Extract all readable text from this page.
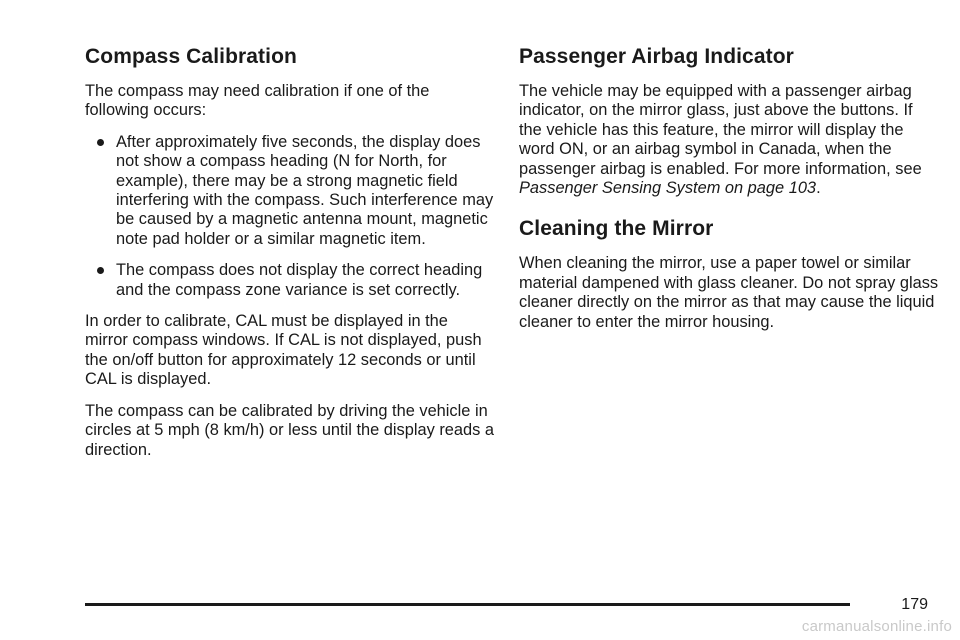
Compass Calibration

The compass may need calibration if one of the following occurs:

After approximately five seconds, the display does not show a compass heading (N for North, for example), there may be a strong magnetic field interfering with the compass. Such interference may be caused by a magnetic antenna mount, magnetic note pad holder or a similar magnetic item.
The compass does not display the correct heading and the compass zone variance is set correctly.

In order to calibrate, CAL must be displayed in the mirror compass windows. If CAL is not displayed, push the on/off button for approximately 12 seconds or until CAL is displayed.

The compass can be calibrated by driving the vehicle in circles at 5 mph (8 km/h) or less until the display reads a direction.

Passenger Airbag Indicator

The vehicle may be equipped with a passenger airbag indicator, on the mirror glass, just above the buttons. If the vehicle has this feature, the mirror will display the word ON, or an airbag symbol in Canada, when the passenger airbag is enabled. For more information, see Passenger Sensing System on page 103.

Cleaning the Mirror

When cleaning the mirror, use a paper towel or similar material dampened with glass cleaner. Do not spray glass cleaner directly on the mirror as that may cause the liquid cleaner to enter the mirror housing.

179
carmanualsonline.info
